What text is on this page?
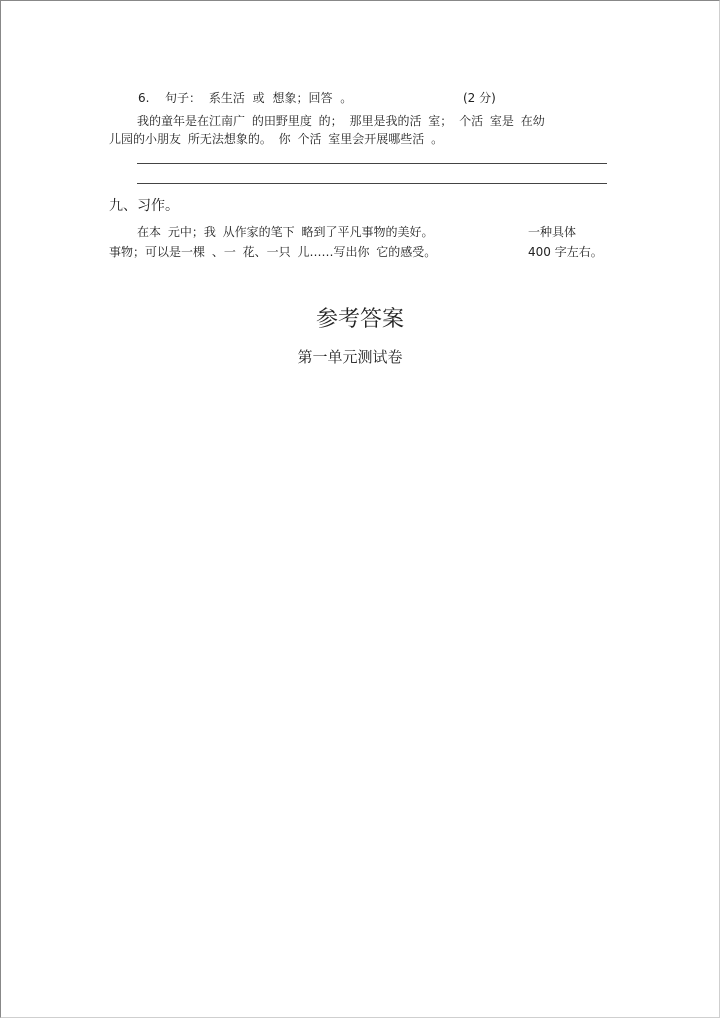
6. 句子： 系生活 或 想象；回答 。	(2 分)
我的童年是在江南广 的田野里度 的； 那里是我的活 室； 个活 室是 在幼
儿园的小朋友 所无法想象的。 你 个活 室里会开展哪些活 。
九、习作。
在本 元中；我 从作家的笔下 略到了平凡事物的美好。	一种具体
事物；可以是一棵 、一 花、一只 儿……写出你 它的感受。	400 字左右。
参考答案
第一单元测试卷
